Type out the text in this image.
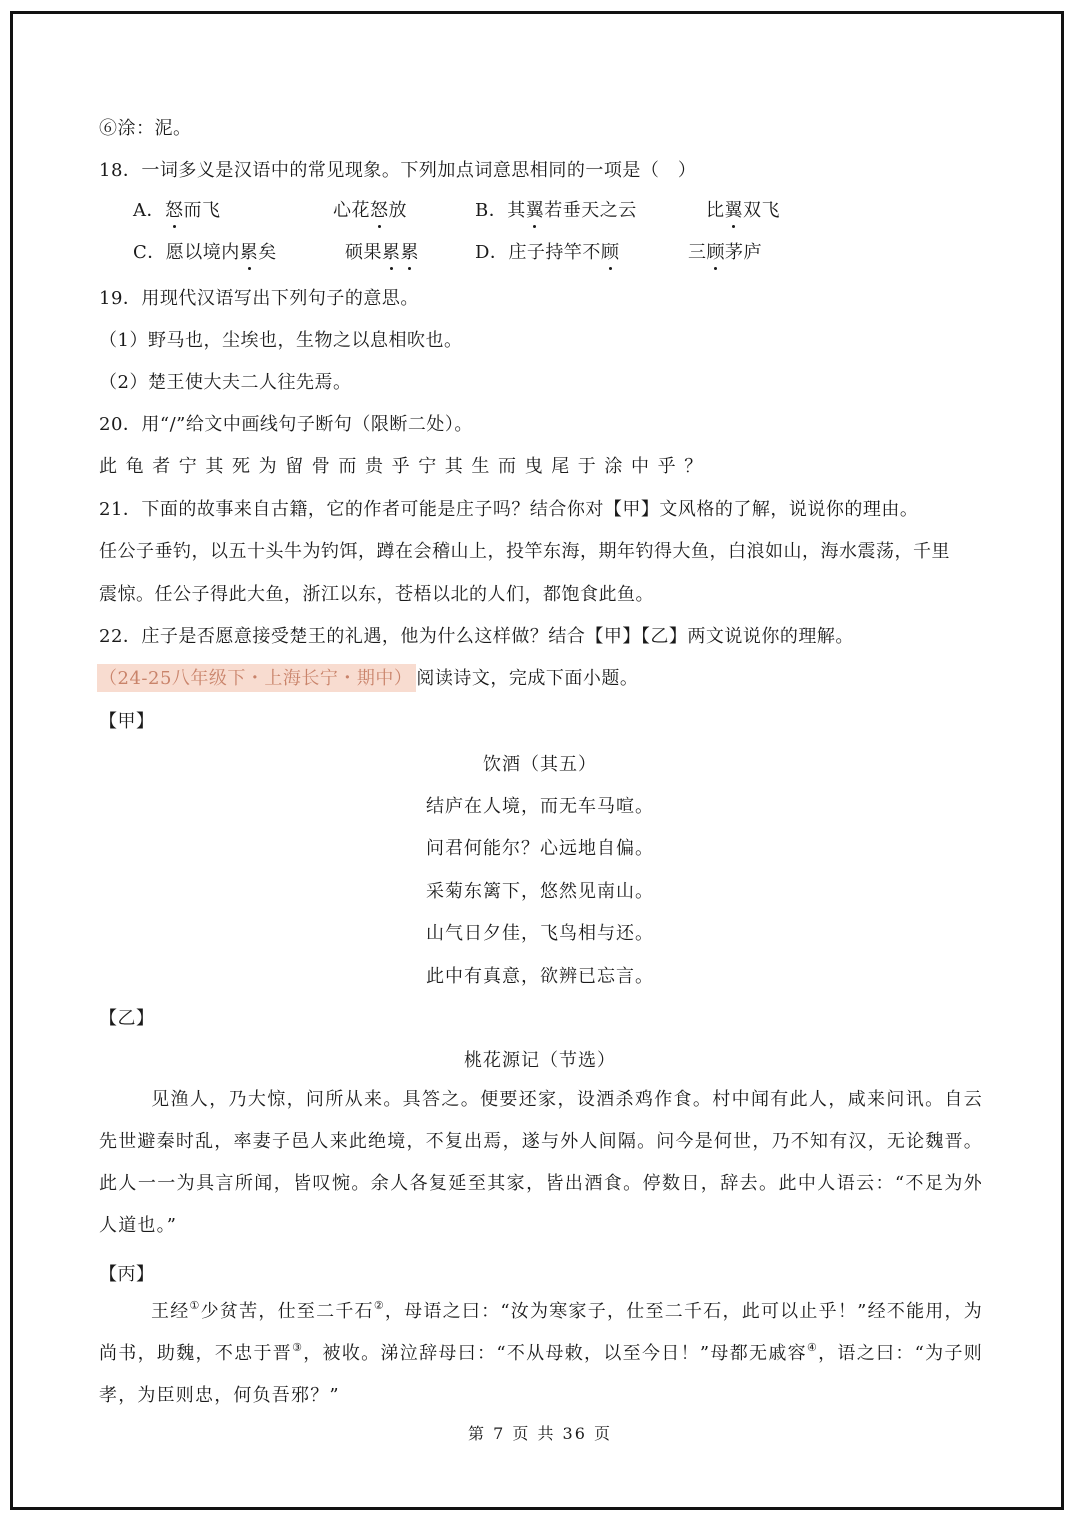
⑥涂：泥。
18．一词多义是汉语中的常见现象。下列加点词意思相同的一项是（　）
A．怒而飞	心花怒放	B．其翼若垂天之云	比翼双飞
C．愿以境内累矣	硕果累累	D．庄子持竿不顾	三顾茅庐
19．用现代汉语写出下列句子的意思。
（1）野马也，尘埃也，生物之以息相吹也。
（2）楚王使大夫二人往先焉。
20．用“/”给文中画线句子断句（限断二处）。
此龟者宁其死为留骨而贵乎宁其生而曳尾于涂中乎？
21．下面的故事来自古籍，它的作者可能是庄子吗？结合你对【甲】文风格的了解，说说你的理由。
任公子垂钓，以五十头牛为钓饵，蹲在会稽山上，投竿东海，期年钓得大鱼，白浪如山，海水震荡，千里
震惊。任公子得此大鱼，浙江以东，苍梧以北的人们，都饱食此鱼。
22．庄子是否愿意接受楚王的礼遇，他为什么这样做？结合【甲】【乙】两文说说你的理解。
（24-25八年级下・上海长宁・期中） 阅读诗文，完成下面小题。
【甲】
饮酒（其五）
结庐在人境，而无车马喧。
问君何能尔？心远地自偏。
采菊东篱下，悠然见南山。
山气日夕佳，飞鸟相与还。
此中有真意，欲辨已忘言。
【乙】
桃花源记（节选）
见渔人，乃大惊，问所从来。具答之。便要还家，设酒杀鸡作食。村中闻有此人，咸来问讯。自云先世避秦时乱，率妻子邑人来此绝境，不复出焉，遂与外人间隔。问今是何世，乃不知有汉，无论魏晋。此人一一为具言所闻，皆叹惋。余人各复延至其家，皆出酒食。停数日，辞去。此中人语云：“不足为外人道也。”
【丙】
王经①少贫苦，仕至二千石②，母语之曰：“汝为寒家子，仕至二千石，此可以止乎！”经不能用，为尚书，助魏，不忠于晋③，被收。涕泣辞母曰：“不从母敕，以至今日！”母都无戚容④，语之曰：“为子则孝，为臣则忠，何负吾邪？”
第 7 页 共 36 页
